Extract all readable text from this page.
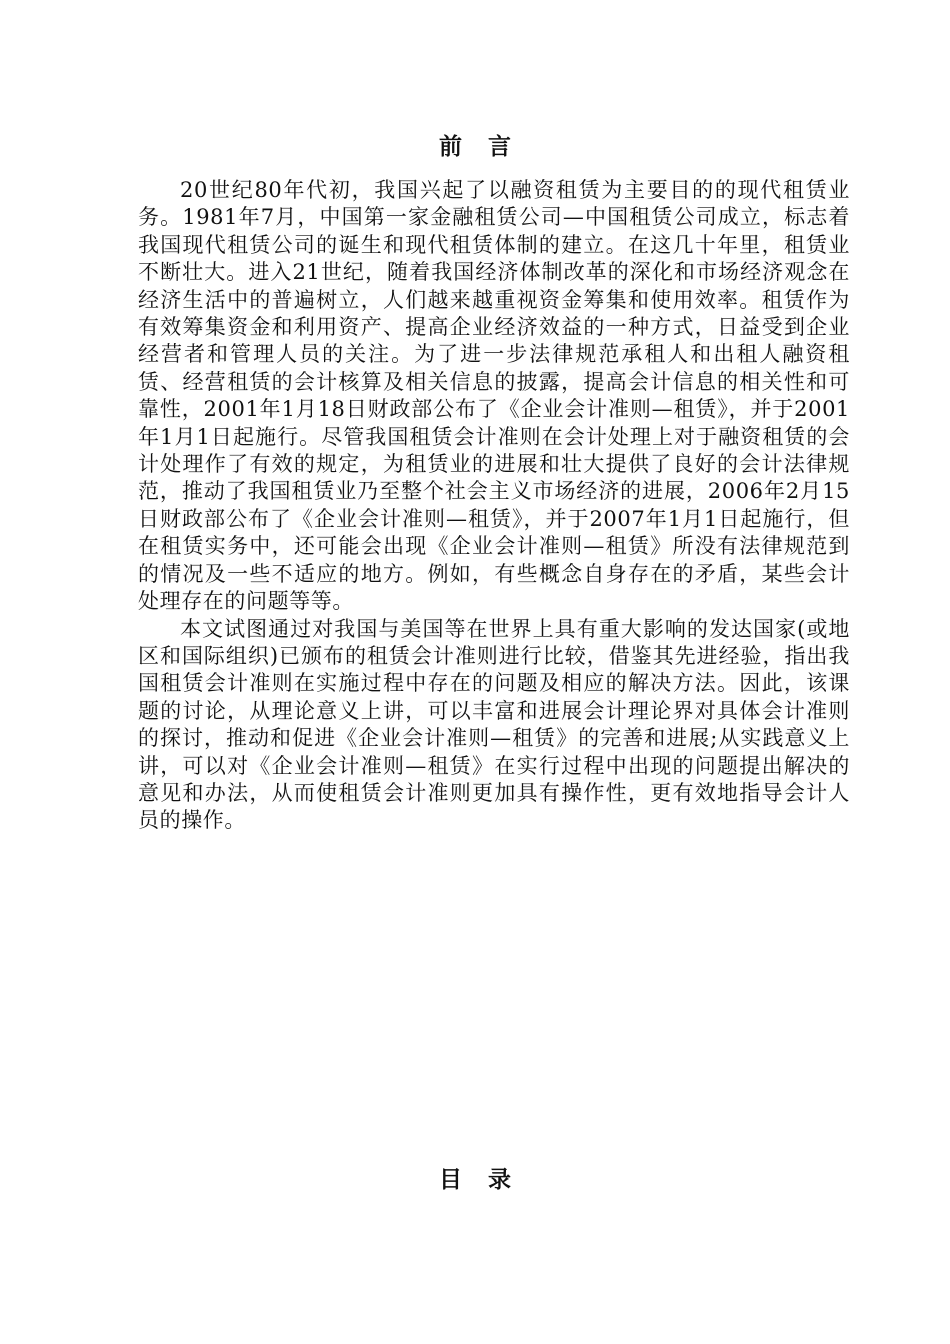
前言

20世纪80年代初，我国兴起了以融资租赁为主要目的的现代租赁业务。1981年7月，中国第一家金融租赁公司—中国租赁公司成立，标志着我国现代租赁公司的诞生和现代租赁体制的建立。在这几十年里，租赁业不断壮大。进入21世纪，随着我国经济体制改革的深化和市场经济观念在经济生活中的普遍树立，人们越来越重视资金筹集和使用效率。租赁作为有效筹集资金和利用资产、提高企业经济效益的一种方式，日益受到企业经营者和管理人员的关注。为了进一步法律规范承租人和出租人融资租赁、经营租赁的会计核算及相关信息的披露，提高会计信息的相关性和可靠性，2001年1月18日财政部公布了《企业会计准则—租赁》，并于2001年1月1日起施行。尽管我国租赁会计准则在会计处理上对于融资租赁的会计处理作了有效的规定，为租赁业的进展和壮大提供了良好的会计法律规范，推动了我国租赁业乃至整个社会主义市场经济的进展，2006年2月15日财政部公布了《企业会计准则—租赁》，并于2007年1月1日起施行，但在租赁实务中，还可能会出现《企业会计准则—租赁》所没有法律规范到的情况及一些不适应的地方。例如，有些概念自身存在的矛盾，某些会计处理存在的问题等等。

本文试图通过对我国与美国等在世界上具有重大影响的发达国家(或地区和国际组织)已颁布的租赁会计准则进行比较，借鉴其先进经验，指出我国租赁会计准则在实施过程中存在的问题及相应的解决方法。因此，该课题的讨论，从理论意义上讲，可以丰富和进展会计理论界对具体会计准则的探讨，推动和促进《企业会计准则—租赁》的完善和进展;从实践意义上讲，可以对《企业会计准则—租赁》在实行过程中出现的问题提出解决的意见和办法，从而使租赁会计准则更加具有操作性，更有效地指导会计人员的操作。

目录
